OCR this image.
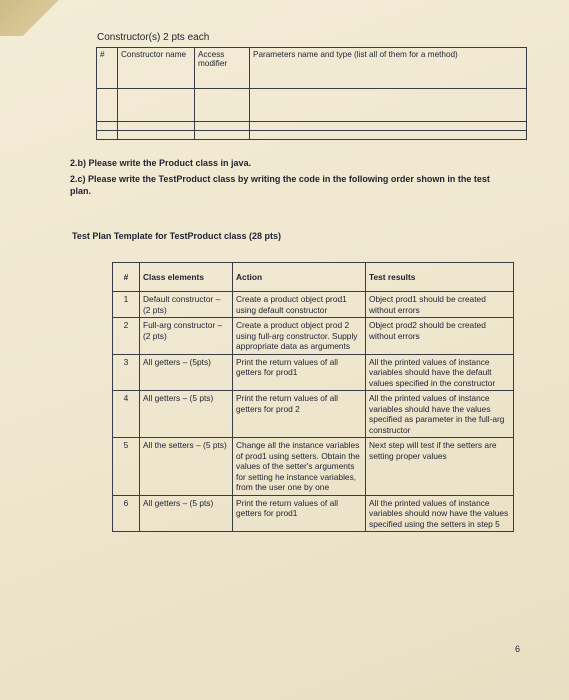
Constructor(s) 2 pts each
#	Constructor name	Access modifier	Parameters name and type (list all of them for a method)

2.b) Please write the Product class in java.
2.c) Please write the TestProduct class by writing the code in the following order shown in the test plan.
Test Plan Template for TestProduct class (28 pts)
#	Class elements	Action	Test results
1	Default constructor – (2 pts)	Create a product object prod1 using default constructor	Object prod1 should be created without errors
2	Full-arg constructor – (2 pts)	Create a product object prod 2 using full-arg constructor. Supply appropriate data as arguments	Object prod2 should be created without errors
3	All getters – (5pts)	Print the return values of all getters for prod1	All the printed values of instance variables should have the default values specified in the constructor
4	All getters – (5 pts)	Print the return values of all getters for prod 2	All the printed values of instance variables should have the values specified as parameter in the full-arg constructor
5	All the setters – (5 pts)	Change all the instance variables of prod1 using setters. Obtain the values of the setter's arguments for setting he instance variables, from the user one by one	Next step will test if the setters are setting proper values
6	All getters – (5 pts)	Print the return values of all getters for prod1	All the printed values of instance variables should now have the values specified using the setters in step 5
6
